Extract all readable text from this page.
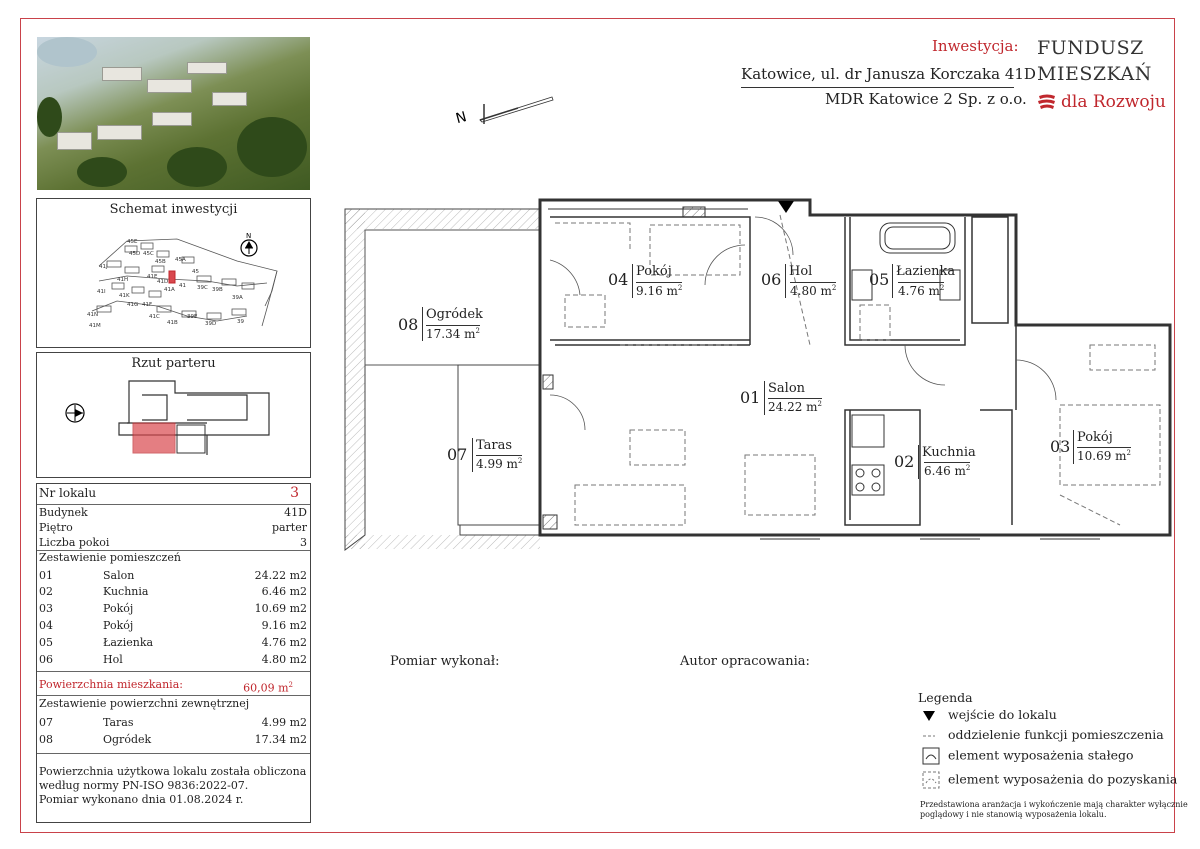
Schemat inwestycji
45E
45D 45C
45B 45A
41J
41H	41E
41D
41A
45
41I
41K
41G 41F
41 39C 39B
39A
41N
41M
41C
41B
39E
39D	39
N
Rzut parteru
Nr lokalu	3
Budynek	41D
Piętro	parter
Liczba pokoi	3
Zestawienie pomieszczeń
01	Salon	24.22 m2
02	Kuchnia	6.46 m2
03	Pokój	10.69 m2
04	Pokój	9.16 m2
05	Łazienka	4.76 m2
06	Hol	4.80 m2
Powierzchnia mieszkania:	60,09 $m^2$
Zestawienie powierzchni zewnętrznej
07	Taras	4.99 m2
08	Ogródek	17.34 m2
Powierzchnia użytkowa lokalu została obliczona
według normy PN-ISO 9836:2022-07.
Pomiar wykonano dnia 01.08.2024 r.
Inwestycja:
Katowice, ul. dr Janusza Korczaka 41D
MDR Katowice 2 Sp. z o.o.
FUNDUSZ
MIESZKAŃ
dla Rozwoju
N
04 Pokój
9.16 $m^2$	06 Hol
4.80 $m^2$ 05 Łazienka
4.76 $m^2$
08
Ogródek
17.34 $m^2$
01 Salon
24.22 $m^2$
07 Taras
4.99 $m^2$	02 Kuchnia
6.46 $m^2$
03 Pokój
10.69 $m^2$
Pomiar wykonał:	Autor opracowania:
Legenda
wejście do lokalu
oddzielenie funkcji pomieszczenia
element wyposażenia stałego
element wyposażenia do pozyskania
Przedstawiona aranżacja i wykończenie mają charakter wyłącznie
poglądowy i nie stanowią wyposażenia lokalu.
